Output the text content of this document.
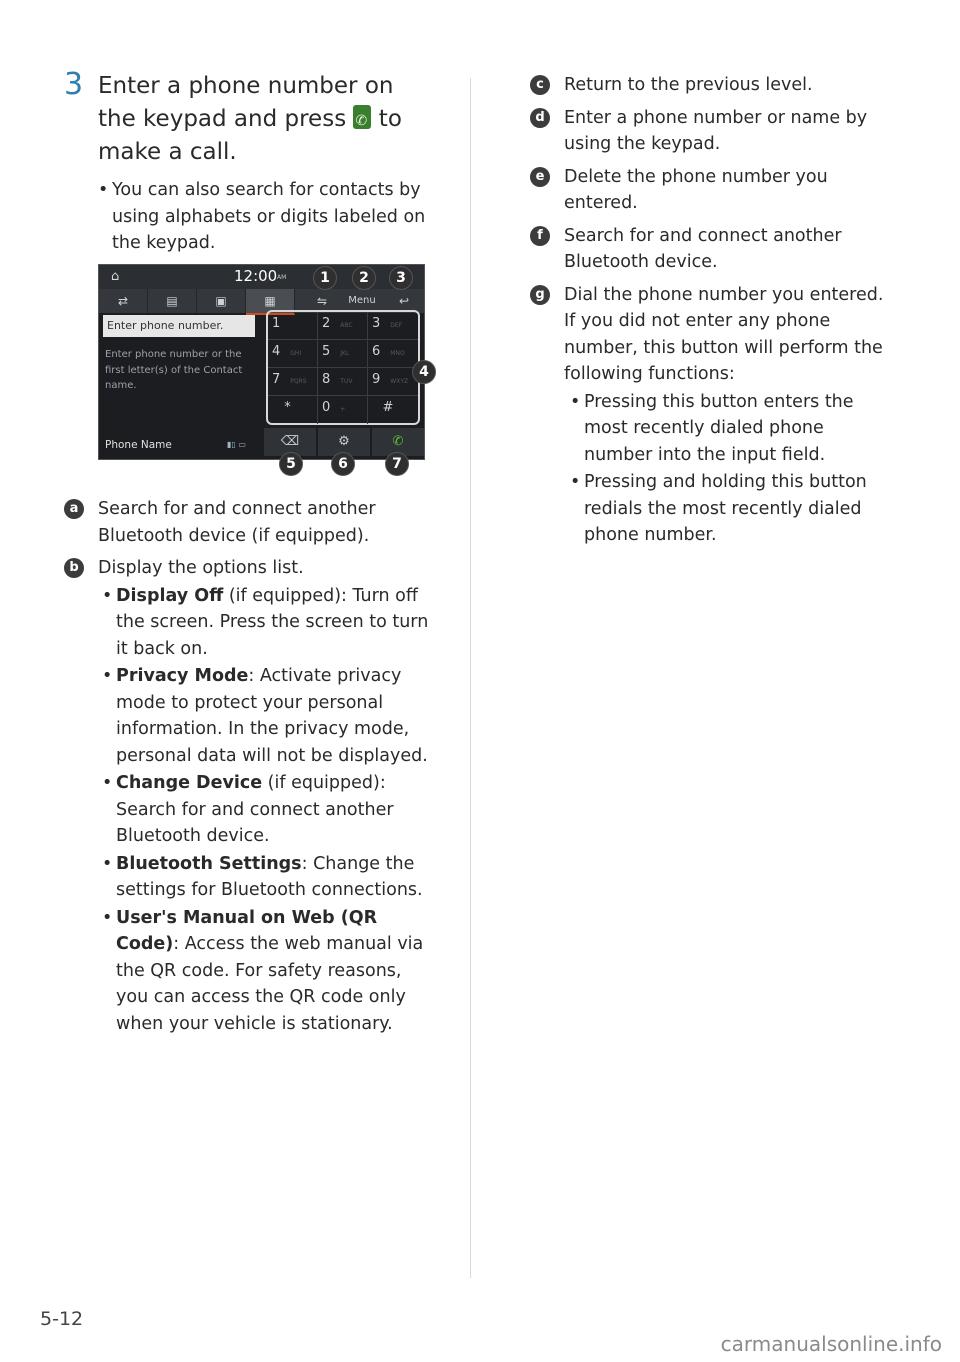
3 Enter a phone number on the keypad and press ✆ to make a call.
• You can also search for contacts by using alphabets or digits labeled on the keypad.
⌂	12:00 AM
⇄	▤	▣	▦	⇋	Menu	↩
Enter phone number.
Enter phone number or the first letter(s) of the Contact name.
Phone Name	▮▯ ▭
1	2 ABC	3 DEF
4 GHI	5 JKL	6 MNO
7 PQRS	8 TUV	9 WXYZ
*	0 +	#
⌫	⚙	✆
1	2	3
4
5	6	7
a	Search for and connect another Bluetooth device (if equipped).
b	Display the options list.
• Display Off (if equipped): Turn off the screen. Press the screen to turn it back on.
• Privacy Mode: Activate privacy mode to protect your personal information. In the privacy mode, personal data will not be displayed.
• Change Device (if equipped): Search for and connect another Bluetooth device.
• Bluetooth Settings: Change the settings for Bluetooth connections.
• User's Manual on Web (QR Code): Access the web manual via the QR code. For safety reasons, you can access the QR code only when your vehicle is stationary.
c	Return to the previous level.
d	Enter a phone number or name by using the keypad.
e	Delete the phone number you entered.
f	Search for and connect another Bluetooth device.
g	Dial the phone number you entered. If you did not enter any phone number, this button will perform the following functions:
• Pressing this button enters the most recently dialed phone number into the input field.
• Pressing and holding this button redials the most recently dialed phone number.
5-12
carmanualsonline.info
